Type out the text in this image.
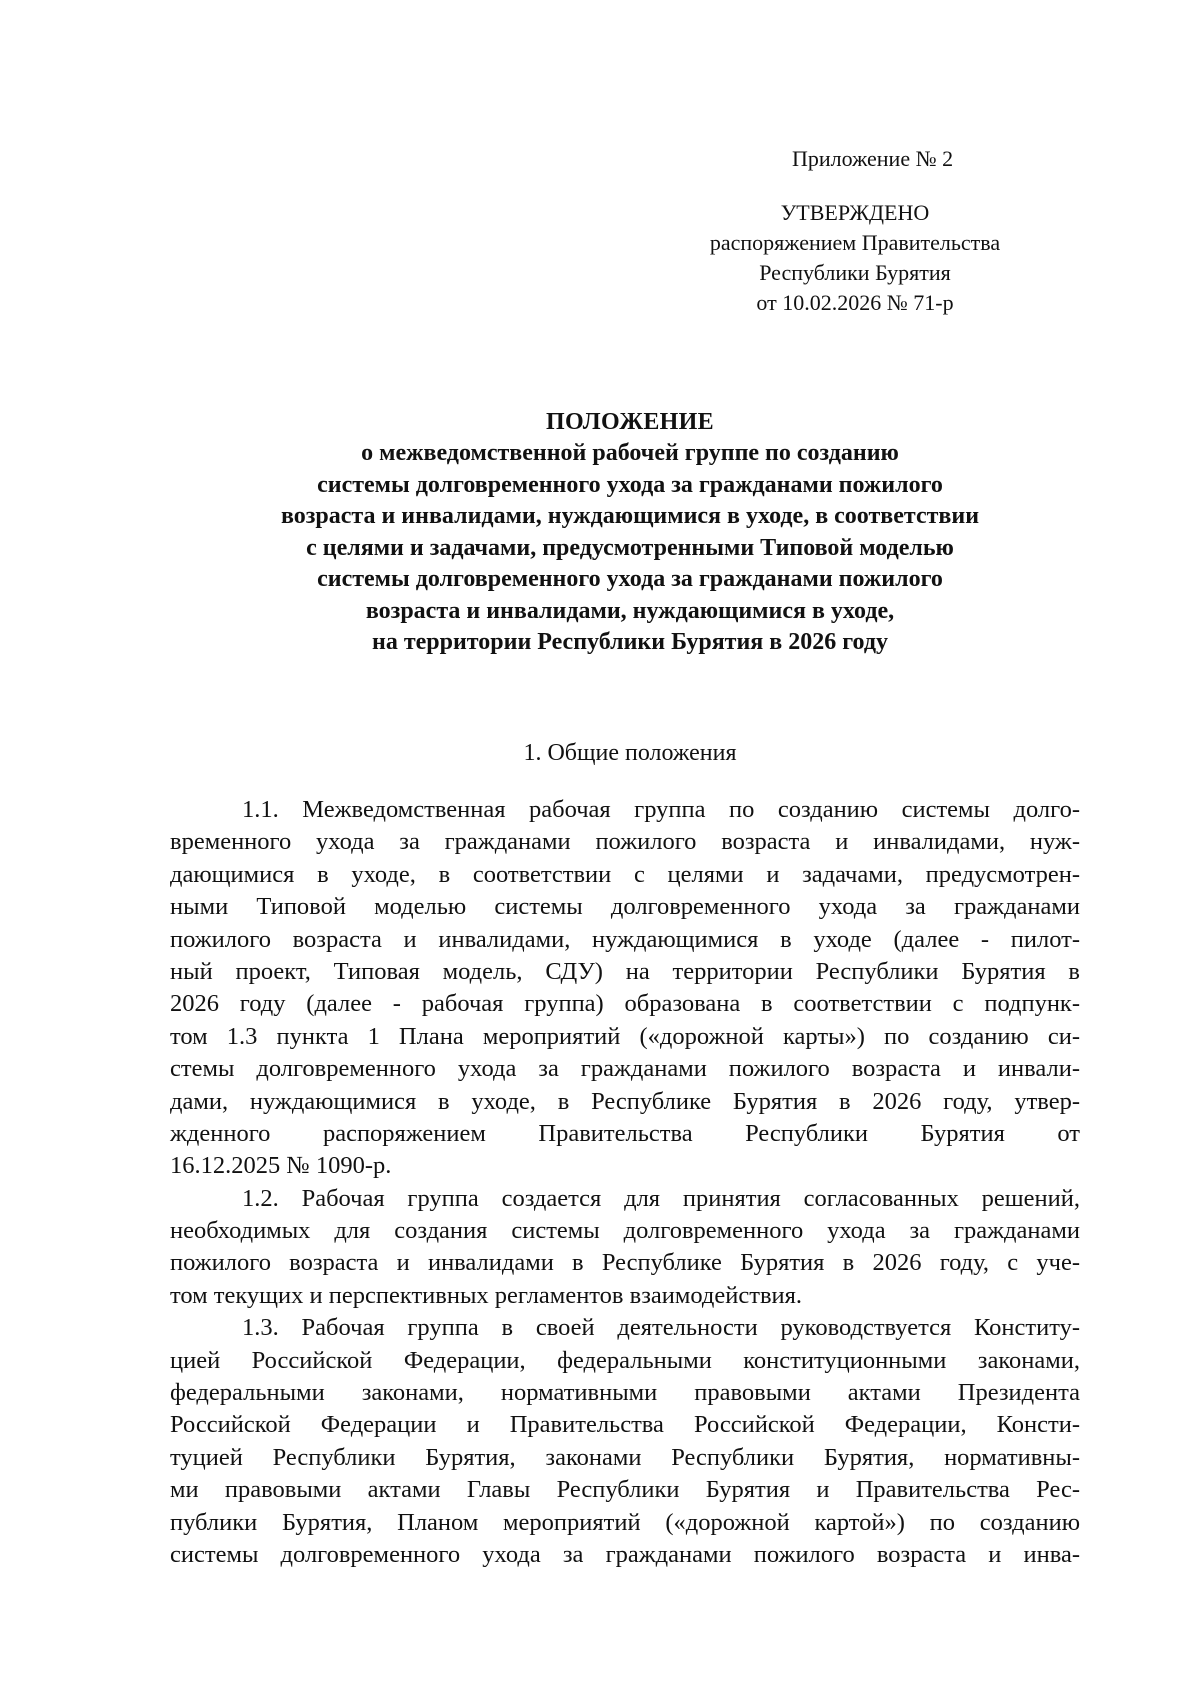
Приложение № 2
УТВЕРЖДЕНО
распоряжением Правительства
Республики Бурятия
от 10.02.2026 № 71-р
ПОЛОЖЕНИЕ
о межведомственной рабочей группе по созданию
системы долговременного ухода за гражданами пожилого
возраста и инвалидами, нуждающимися в уходе, в соответствии
с целями и задачами, предусмотренными Типовой моделью
системы долговременного ухода за гражданами пожилого
возраста и инвалидами, нуждающимися в уходе,
на территории Республики Бурятия в 2026 году
1. Общие положения
1.1. Межведомственная рабочая группа по созданию системы долго-
временного ухода за гражданами пожилого возраста и инвалидами, нуж-
дающимися в уходе, в соответствии с целями и задачами, предусмотрен-
ными Типовой моделью системы долговременного ухода за гражданами
пожилого возраста и инвалидами, нуждающимися в уходе (далее - пилот-
ный проект, Типовая модель, СДУ) на территории Республики Бурятия в
2026 году (далее - рабочая группа) образована в соответствии с подпунк-
том 1.3 пункта 1 Плана мероприятий («дорожной карты») по созданию си-
стемы долговременного ухода за гражданами пожилого возраста и инвали-
дами, нуждающимися в уходе, в Республике Бурятия в 2026 году, утвер-
жденного распоряжением Правительства Республики Бурятия от
16.12.2025 № 1090-р.
1.2. Рабочая группа создается для принятия согласованных решений,
необходимых для создания системы долговременного ухода за гражданами
пожилого возраста и инвалидами в Республике Бурятия в 2026 году, с уче-
том текущих и перспективных регламентов взаимодействия.
1.3. Рабочая группа в своей деятельности руководствуется Конститу-
цией Российской Федерации, федеральными конституционными законами,
федеральными законами, нормативными правовыми актами Президента
Российской Федерации и Правительства Российской Федерации, Консти-
туцией Республики Бурятия, законами Республики Бурятия, нормативны-
ми правовыми актами Главы Республики Бурятия и Правительства Рес-
публики Бурятия, Планом мероприятий («дорожной картой») по созданию
системы долговременного ухода за гражданами пожилого возраста и инва-
